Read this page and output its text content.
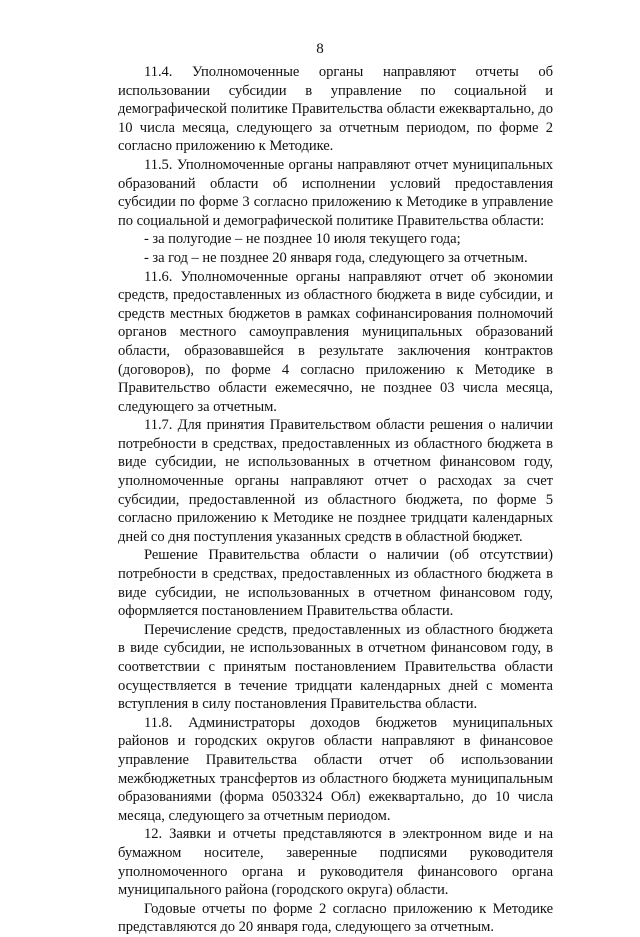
8

11.4. Уполномоченные органы направляют отчеты об использовании субсидии в управление по социальной и демографической политике Правительства области ежеквартально, до 10 числа месяца, следующего за отчетным периодом, по форме 2 согласно приложению к Методике.

11.5. Уполномоченные органы направляют отчет муниципальных образований области об исполнении условий предоставления субсидии по форме 3 согласно приложению к Методике в управление по социальной и демографической политике Правительства области:

- за полугодие – не позднее 10 июля текущего года;

- за год – не позднее 20 января года, следующего за отчетным.

11.6. Уполномоченные органы направляют отчет об экономии средств, предоставленных из областного бюджета в виде субсидии, и средств местных бюджетов в рамках софинансирования полномочий органов местного самоуправления муниципальных образований области, образовавшейся в результате заключения контрактов (договоров), по форме 4 согласно приложению к Методике в Правительство области ежемесячно, не позднее 03 числа месяца, следующего за отчетным.

11.7. Для принятия Правительством области решения о наличии потребности в средствах, предоставленных из областного бюджета в виде субсидии, не использованных в отчетном финансовом году, уполномоченные органы направляют отчет о расходах за счет субсидии, предоставленной из областного бюджета, по форме 5 согласно приложению к Методике не позднее тридцати календарных дней со дня поступления указанных средств в областной бюджет.

Решение Правительства области о наличии (об отсутствии) потребности в средствах, предоставленных из областного бюджета в виде субсидии, не использованных в отчетном финансовом году, оформляется постановлением Правительства области.

Перечисление средств, предоставленных из областного бюджета в виде субсидии, не использованных в отчетном финансовом году, в соответствии с принятым постановлением Правительства области осуществляется в течение тридцати календарных дней с момента вступления в силу постановления Правительства области.

11.8. Администраторы доходов бюджетов муниципальных районов и городских округов области направляют в финансовое управление Правительства области отчет об использовании межбюджетных трансфертов из областного бюджета муниципальным образованиями (форма 0503324 Обл) ежеквартально, до 10 числа месяца, следующего за отчетным периодом.

12. Заявки и отчеты представляются в электронном виде и на бумажном носителе, заверенные подписями руководителя уполномоченного органа и руководителя финансового органа муниципального района (городского округа) области.

Годовые отчеты по форме 2 согласно приложению к Методике представляются до 20 января года, следующего за отчетным.
